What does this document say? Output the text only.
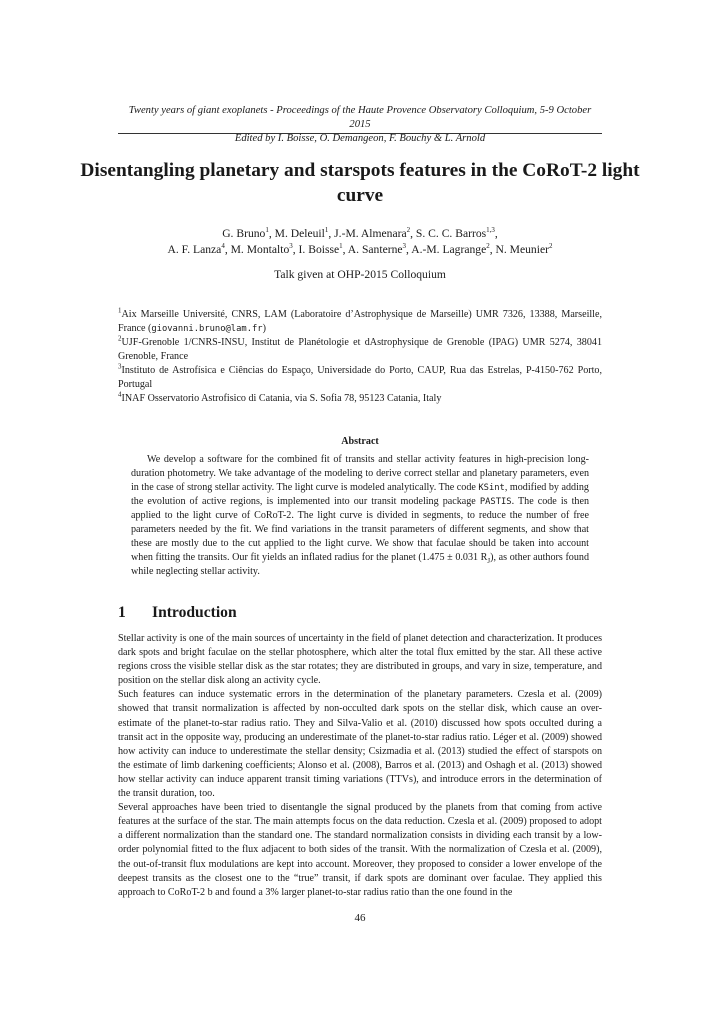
Twenty years of giant exoplanets - Proceedings of the Haute Provence Observatory Colloquium, 5-9 October 2015
Edited by I. Boisse, O. Demangeon, F. Bouchy & L. Arnold
Disentangling planetary and starspots features in the CoRoT-2 light curve
G. Bruno$^1$, M. Deleuil$^1$, J.-M. Almenara$^2$, S. C. C. Barros$^{1,3}$,
A. F. Lanza$^4$, M. Montalto$^3$, I. Boisse$^1$, A. Santerne$^3$, A.-M. Lagrange$^2$, N. Meunier$^2$
Talk given at OHP-2015 Colloquium

$^1$Aix Marseille Université, CNRS, LAM (Laboratoire d’Astrophysique de Marseille) UMR 7326, 13388, Marseille, France (giovanni.bruno@lam.fr)

$^2$UJF-Grenoble 1/CNRS-INSU, Institut de Planétologie et dAstrophysique de Grenoble (IPAG) UMR 5274, 38041 Grenoble, France

$^3$Instituto de Astrofísica e Ciências do Espaço, Universidade do Porto, CAUP, Rua das Estrelas, P-4150-762 Porto, Portugal

$^4$INAF Osservatorio Astrofisico di Catania, via S. Sofia 78, 95123 Catania, Italy

Abstract

We develop a software for the combined fit of transits and stellar activity features in high-precision long-duration photometry. We take advantage of the modeling to derive correct stellar and planetary parameters, even in the case of strong stellar activity. The light curve is modeled analytically. The code KSint, modified by adding the evolution of active regions, is implemented into our transit modeling package PASTIS. The code is then applied to the light curve of CoRoT-2. The light curve is divided in segments, to reduce the number of free parameters needed by the fit. We find variations in the transit parameters of different segments, and show that these are mostly due to the cut applied to the light curve. We show that faculae should be taken into account when fitting the transits. Our fit yields an inflated radius for the planet (1.475 ± 0.031 $R_J$), as other authors found while neglecting stellar activity.

1 Introduction

Stellar activity is one of the main sources of uncertainty in the field of planet detection and characterization. It produces dark spots and bright faculae on the stellar photosphere, which alter the total flux emitted by the star. All these active regions cross the visible stellar disk as the star rotates; they are distributed in groups, and vary in size, temperature, and position on the stellar disk along an activity cycle.

Such features can induce systematic errors in the determination of the planetary parameters. Czesla et al. (2009) showed that transit normalization is affected by non-occulted dark spots on the stellar disk, which cause an over-estimate of the planet-to-star radius ratio. They and Silva-Valio et al. (2010) discussed how spots occulted during a transit act in the opposite way, producing an underestimate of the planet-to-star radius ratio. Léger et al. (2009) showed how activity can induce to underestimate the stellar density; Csizmadia et al. (2013) studied the effect of starspots on the estimate of limb darkening coefficients; Alonso et al. (2008), Barros et al. (2013) and Oshagh et al. (2013) showed how stellar activity can induce apparent transit timing variations (TTVs), and introduce errors in the determination of the transit duration, too.

Several approaches have been tried to disentangle the signal produced by the planets from that coming from active features at the surface of the star. The main attempts focus on the data reduction. Czesla et al. (2009) proposed to adopt a different normalization than the standard one. The standard normalization consists in dividing each transit by a low-order polynomial fitted to the flux adjacent to both sides of the transit. With the normalization of Czesla et al. (2009), the out-of-transit flux modulations are kept into account. Moreover, they proposed to consider a lower envelope of the deepest transits as the closest one to the “true” transit, if dark spots are dominant over faculae. They applied this approach to CoRoT-2 b and found a 3% larger planet-to-star radius ratio than the one found in the

46
